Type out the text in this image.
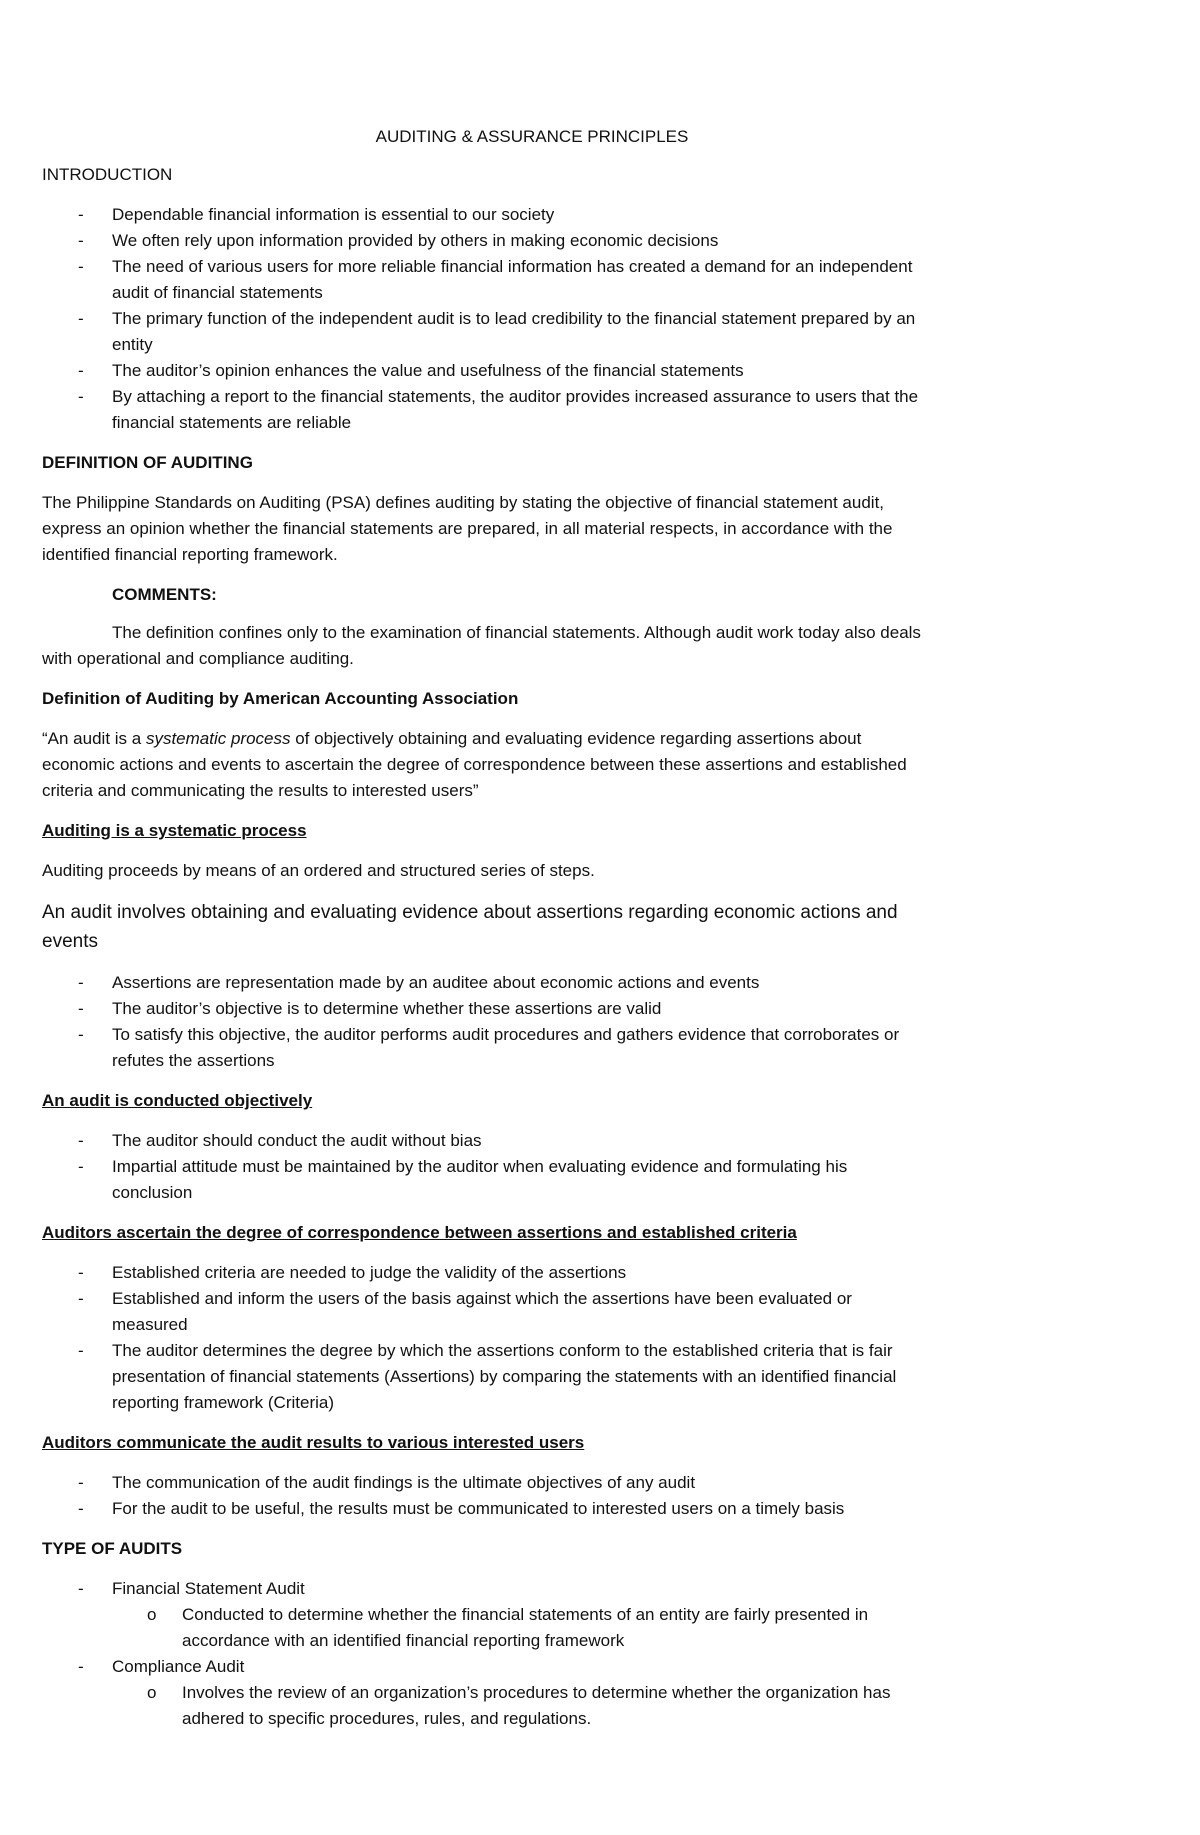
AUDITING & ASSURANCE PRINCIPLES
INTRODUCTION
- Dependable financial information is essential to our society
- We often rely upon information provided by others in making economic decisions
- The need of various users for more reliable financial information has created a demand for an independent audit of financial statements
- The primary function of the independent audit is to lead credibility to the financial statement prepared by an entity
- The auditor’s opinion enhances the value and usefulness of the financial statements
- By attaching a report to the financial statements, the auditor provides increased assurance to users that the financial statements are reliable
DEFINITION OF AUDITING
The Philippine Standards on Auditing (PSA) defines auditing by stating the objective of financial statement audit, express an opinion whether the financial statements are prepared, in all material respects, in accordance with the identified financial reporting framework.
COMMENTS:
The definition confines only to the examination of financial statements. Although audit work today also deals with operational and compliance auditing.
Definition of Auditing by American Accounting Association
“An audit is a systematic process of objectively obtaining and evaluating evidence regarding assertions about economic actions and events to ascertain the degree of correspondence between these assertions and established criteria and communicating the results to interested users”
Auditing is a systematic process
Auditing proceeds by means of an ordered and structured series of steps.
An audit involves obtaining and evaluating evidence about assertions regarding economic actions and events
- Assertions are representation made by an auditee about economic actions and events
- The auditor’s objective is to determine whether these assertions are valid
- To satisfy this objective, the auditor performs audit procedures and gathers evidence that corroborates or refutes the assertions
An audit is conducted objectively
- The auditor should conduct the audit without bias
- Impartial attitude must be maintained by the auditor when evaluating evidence and formulating his conclusion
Auditors ascertain the degree of correspondence between assertions and established criteria
- Established criteria are needed to judge the validity of the assertions
- Established and inform the users of the basis against which the assertions have been evaluated or measured
- The auditor determines the degree by which the assertions conform to the established criteria that is fair presentation of financial statements (Assertions) by comparing the statements with an identified financial reporting framework (Criteria)
Auditors communicate the audit results to various interested users
- The communication of the audit findings is the ultimate objectives of any audit
- For the audit to be useful, the results must be communicated to interested users on a timely basis
TYPE OF AUDITS
- Financial Statement Audit
o Conducted to determine whether the financial statements of an entity are fairly presented in accordance with an identified financial reporting framework
- Compliance Audit
o Involves the review of an organization’s procedures to determine whether the organization has adhered to specific procedures, rules, and regulations.
